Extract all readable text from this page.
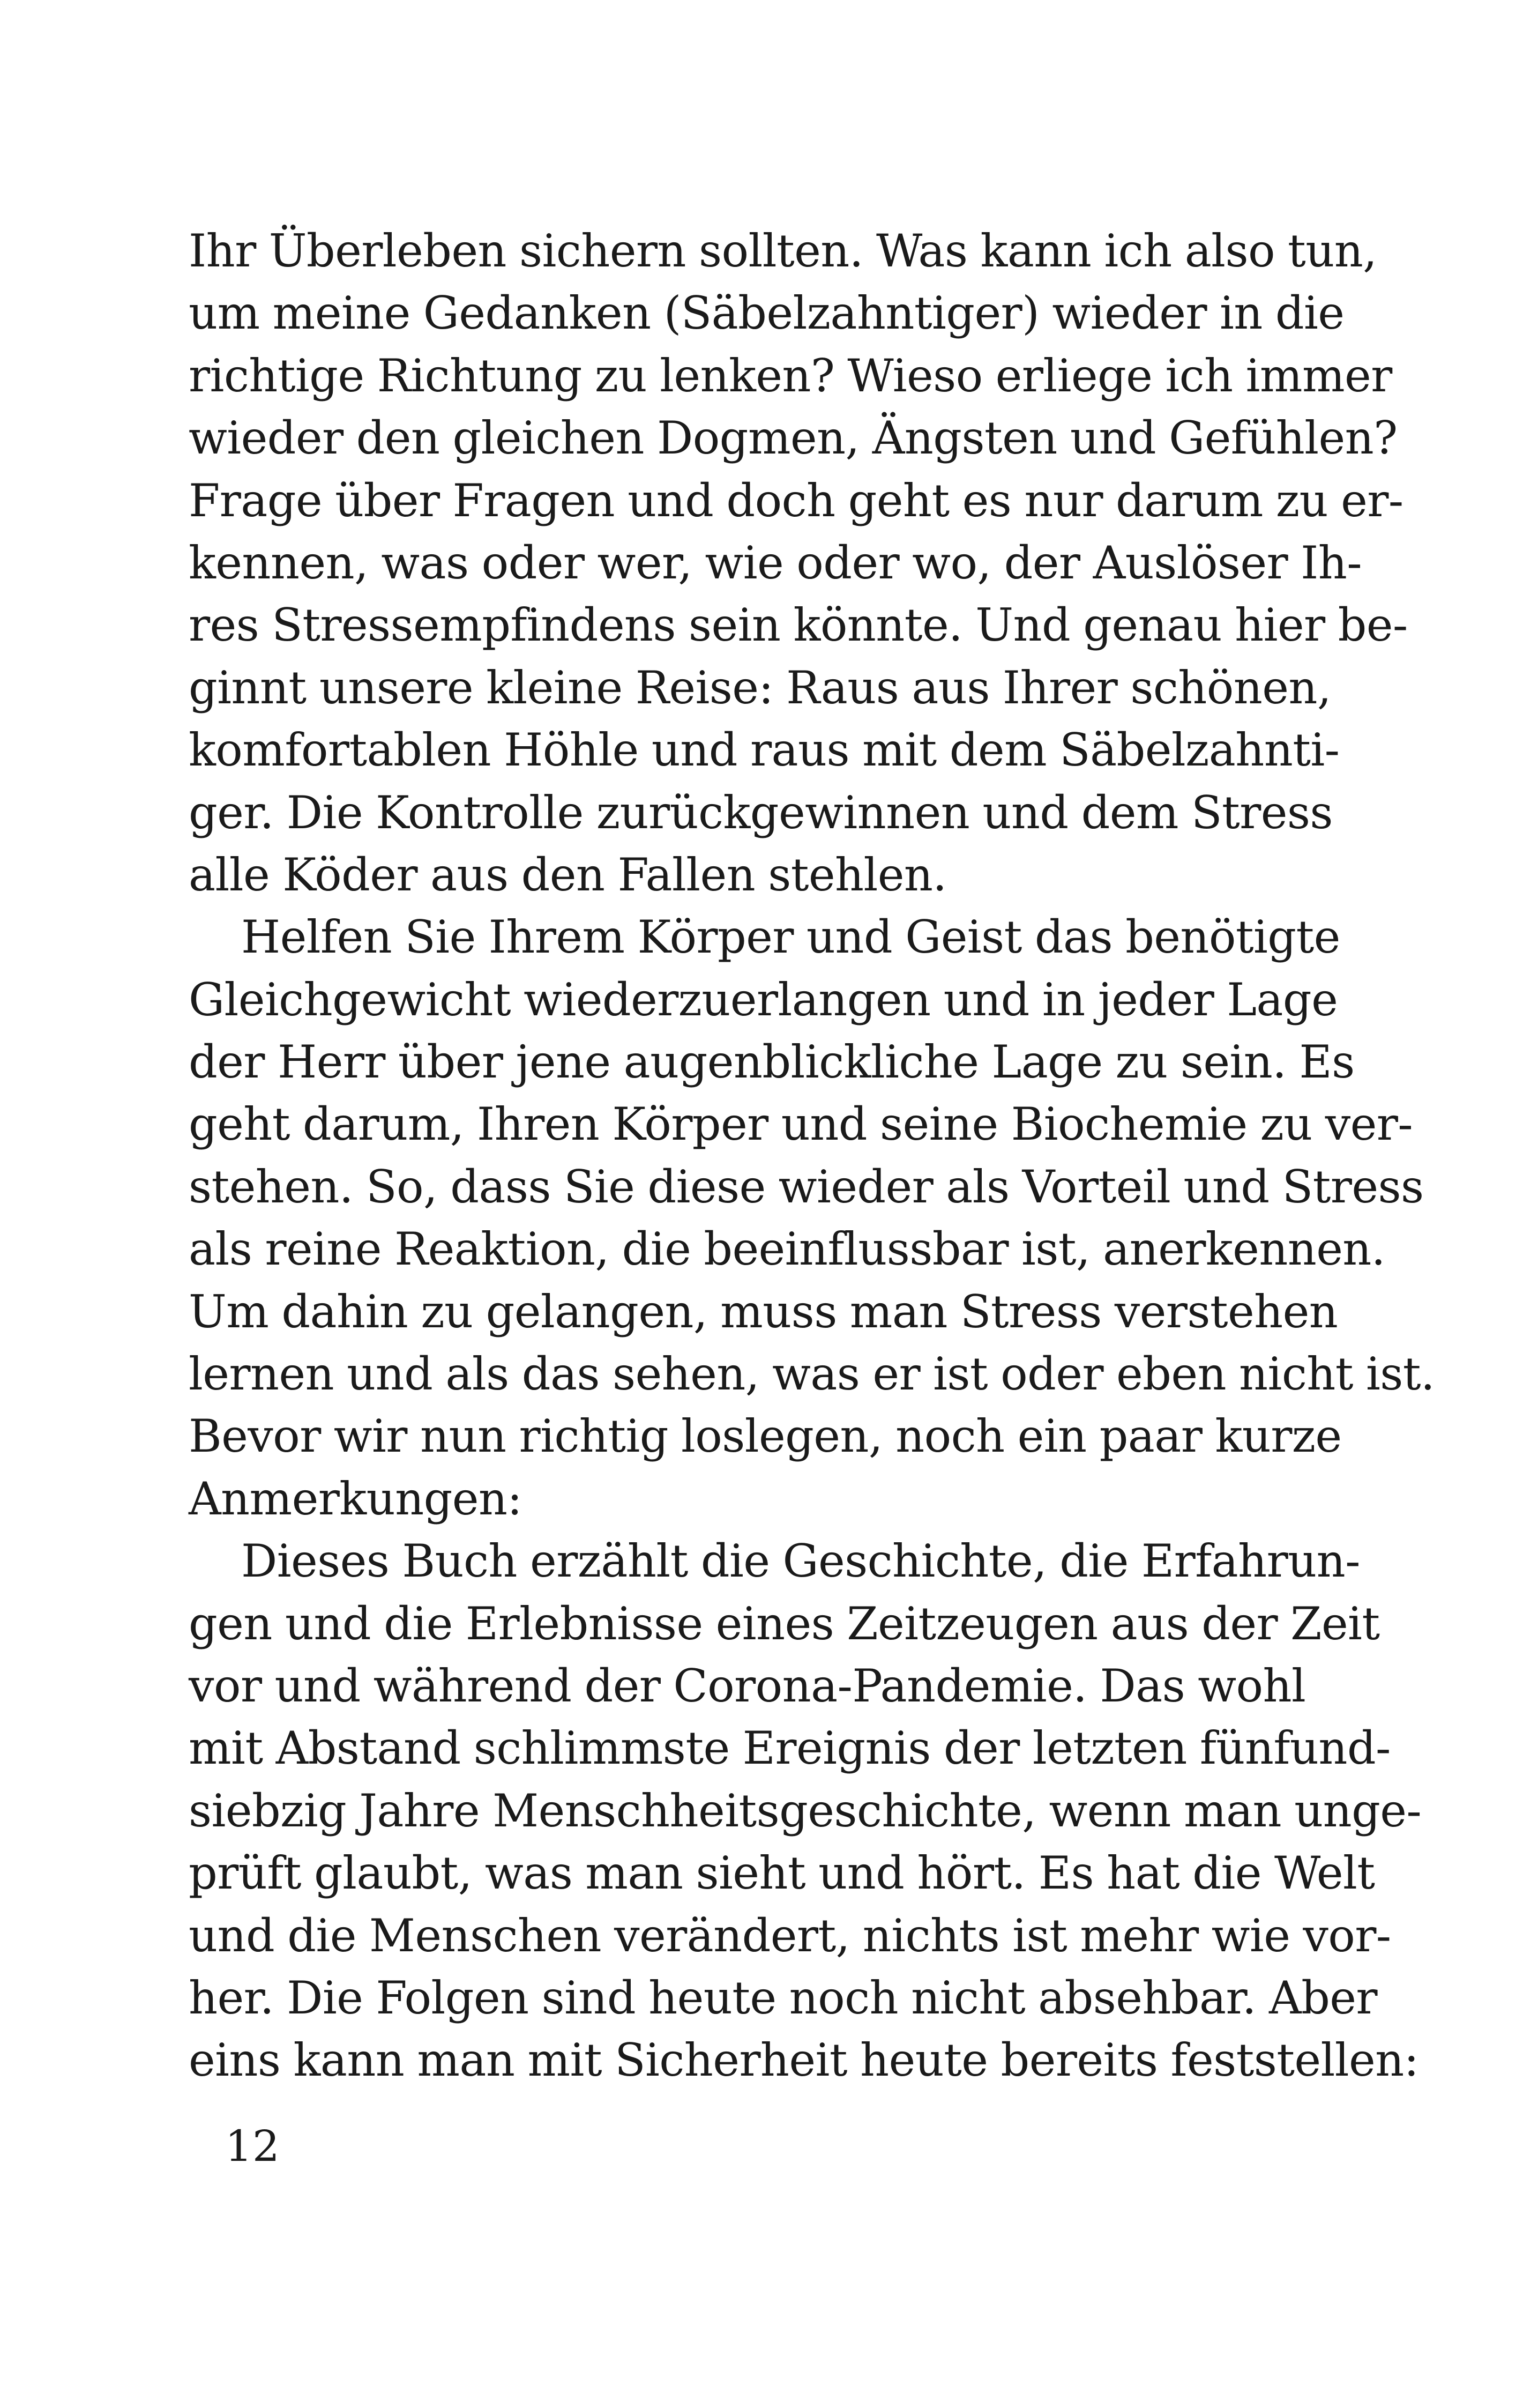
Ihr Überleben sichern sollten. Was kann ich also tun,
um meine Gedanken (Säbelzahntiger) wieder in die
richtige Richtung zu lenken? Wieso erliege ich immer
wieder den gleichen Dogmen, Ängsten und Gefühlen?
Frage über Fragen und doch geht es nur darum zu er-
kennen, was oder wer, wie oder wo, der Auslöser Ih-
res Stressempfindens sein könnte. Und genau hier be-
ginnt unsere kleine Reise: Raus aus Ihrer schönen,
komfortablen Höhle und raus mit dem Säbelzahnti-
ger. Die Kontrolle zurückgewinnen und dem Stress
alle Köder aus den Fallen stehlen.
Helfen Sie Ihrem Körper und Geist das benötigte
Gleichgewicht wiederzuerlangen und in jeder Lage
der Herr über jene augenblickliche Lage zu sein. Es
geht darum, Ihren Körper und seine Biochemie zu ver-
stehen. So, dass Sie diese wieder als Vorteil und Stress
als reine Reaktion, die beeinflussbar ist, anerkennen.
Um dahin zu gelangen, muss man Stress verstehen
lernen und als das sehen, was er ist oder eben nicht ist.
Bevor wir nun richtig loslegen, noch ein paar kurze
Anmerkungen:
Dieses Buch erzählt die Geschichte, die Erfahrun-
gen und die Erlebnisse eines Zeitzeugen aus der Zeit
vor und während der Corona-Pandemie. Das wohl
mit Abstand schlimmste Ereignis der letzten fünfund-
siebzig Jahre Menschheitsgeschichte, wenn man unge-
prüft glaubt, was man sieht und hört. Es hat die Welt
und die Menschen verändert, nichts ist mehr wie vor-
her. Die Folgen sind heute noch nicht absehbar. Aber
eins kann man mit Sicherheit heute bereits feststellen:
12
